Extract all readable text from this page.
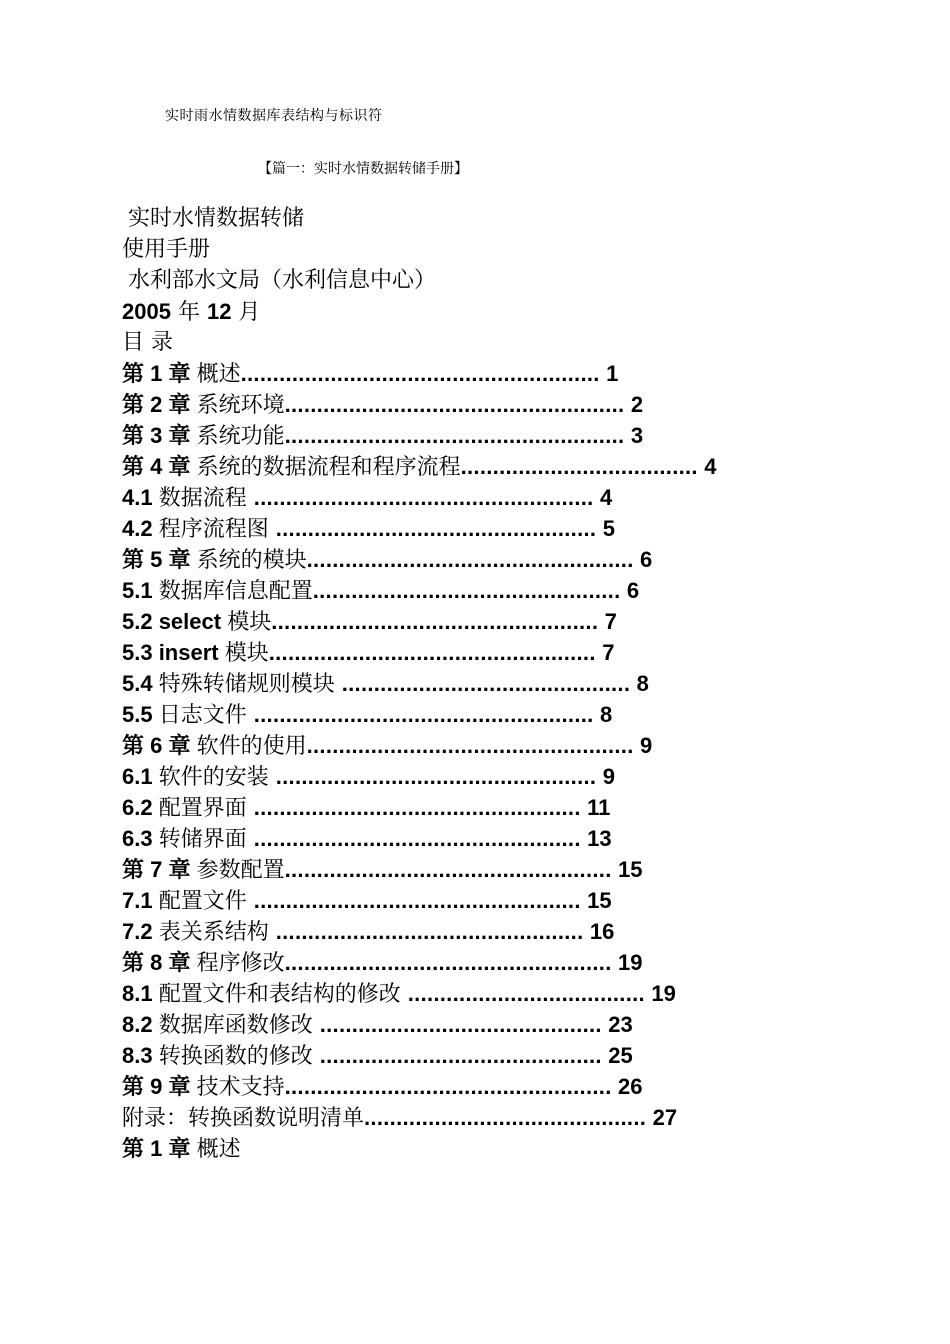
实时雨水情数据库表结构与标识符
【篇一：实时水情数据转储手册】
实时水情数据转储
使用手册
水利部水文局（水利信息中心）
2005 年 12 月
目 录
第 1 章 概述........................................................ 1
第 2 章 系统环境..................................................... 2
第 3 章 系统功能..................................................... 3
第 4 章 系统的数据流程和程序流程..................................... 4
4.1 数据流程 ..................................................... 4
4.2 程序流程图 .................................................. 5
第 5 章 系统的模块................................................... 6
5.1 数据库信息配置................................................ 6
5.2 select 模块................................................... 7
5.3 insert 模块................................................... 7
5.4 特殊转储规则模块 ............................................. 8
5.5 日志文件 ..................................................... 8
第 6 章 软件的使用................................................... 9
6.1 软件的安装 .................................................. 9
6.2 配置界面 ................................................... 11
6.3 转储界面 ................................................... 13
第 7 章 参数配置................................................... 15
7.1 配置文件 ................................................... 15
7.2 表关系结构 ................................................ 16
第 8 章 程序修改................................................... 19
8.1 配置文件和表结构的修改 ..................................... 19
8.2 数据库函数修改 ............................................ 23
8.3 转换函数的修改 ............................................ 25
第 9 章 技术支持................................................... 26
附录：转换函数说明清单............................................ 27
第 1 章 概述
